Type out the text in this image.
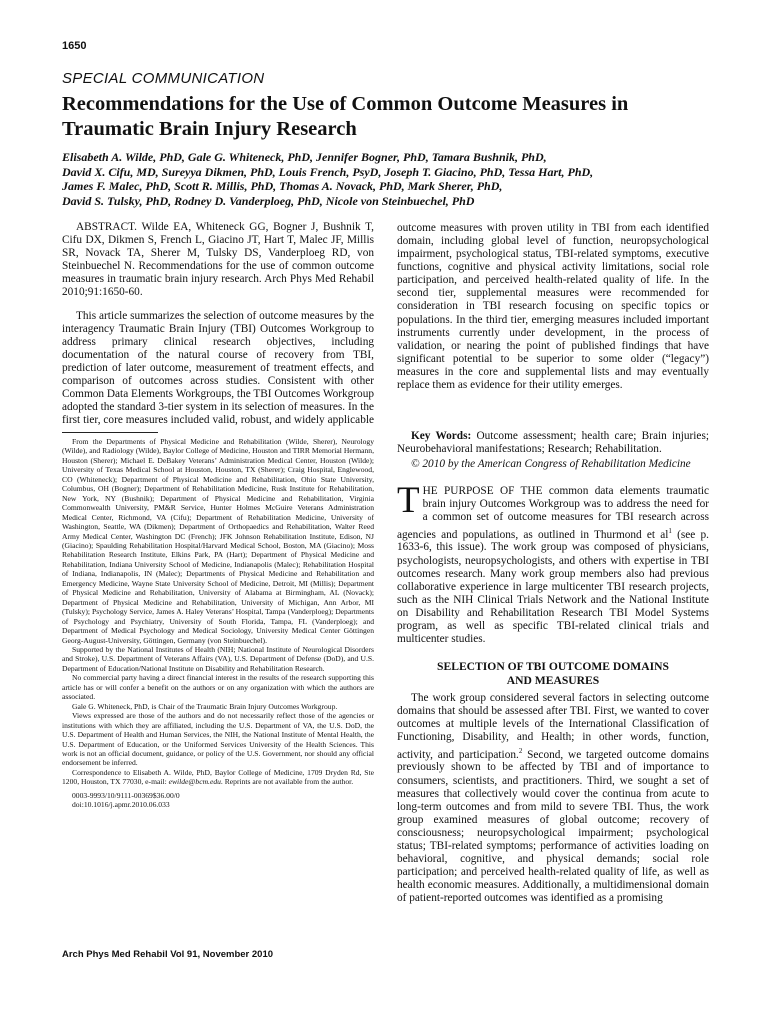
1650
SPECIAL COMMUNICATION
Recommendations for the Use of Common Outcome Measures in Traumatic Brain Injury Research
Elisabeth A. Wilde, PhD, Gale G. Whiteneck, PhD, Jennifer Bogner, PhD, Tamara Bushnik, PhD,
David X. Cifu, MD, Sureyya Dikmen, PhD, Louis French, PsyD, Joseph T. Giacino, PhD, Tessa Hart, PhD,
James F. Malec, PhD, Scott R. Millis, PhD, Thomas A. Novack, PhD, Mark Sherer, PhD,
David S. Tulsky, PhD, Rodney D. Vanderploeg, PhD, Nicole von Steinbuechel, PhD

ABSTRACT. Wilde EA, Whiteneck GG, Bogner J, Bushnik T, Cifu DX, Dikmen S, French L, Giacino JT, Hart T, Malec JF, Millis SR, Novack TA, Sherer M, Tulsky DS, Vanderploeg RD, von Steinbuechel N. Recommendations for the use of common outcome measures in traumatic brain injury research. Arch Phys Med Rehabil 2010;91:1650-60.

This article summarizes the selection of outcome measures by the interagency Traumatic Brain Injury (TBI) Outcomes Workgroup to address primary clinical research objectives, including documentation of the natural course of recovery from TBI, prediction of later outcome, measurement of treatment effects, and comparison of outcomes across studies. Consistent with other Common Data Elements Workgroups, the TBI Outcomes Workgroup adopted the standard 3-tier system in its selection of measures. In the first tier, core measures included valid, robust, and widely applicable

From the Departments of Physical Medicine and Rehabilitation (Wilde, Sherer), Neurology (Wilde), and Radiology (Wilde), Baylor College of Medicine, Houston and TIRR Memorial Hermann, Houston (Sherer); Michael E. DeBakey Veterans’ Administration Medical Center, Houston (Wilde); University of Texas Medical School at Houston, Houston, TX (Sherer); Craig Hospital, Englewood, CO (Whiteneck); Department of Physical Medicine and Rehabilitation, Ohio State University, Columbus, OH (Bogner); Department of Rehabilitation Medicine, Rusk Institute for Rehabilitation, New York, NY (Bushnik); Department of Physical Medicine and Rehabilitation, Virginia Commonwealth University, PM&R Service, Hunter Holmes McGuire Veterans Administration Medical Center, Richmond, VA (Cifu); Department of Rehabilitation Medicine, University of Washington, Seattle, WA (Dikmen); Department of Orthopaedics and Rehabilitation, Walter Reed Army Medical Center, Washington DC (French); JFK Johnson Rehabilitation Institute, Edison, NJ (Giacino); Spaulding Rehabilitation Hospital/Harvard Medical School, Boston, MA (Giacino); Moss Rehabilitation Research Institute, Elkins Park, PA (Hart); Department of Physical Medicine and Rehabilitation, Indiana University School of Medicine, Indianapolis (Malec); Rehabilitation Hospital of Indiana, Indianapolis, IN (Malec); Departments of Physical Medicine and Rehabilitation and Emergency Medicine, Wayne State University School of Medicine, Detroit, MI (Millis); Department of Physical Medicine and Rehabilitation, University of Alabama at Birmingham, AL (Novack); Department of Physical Medicine and Rehabilitation, University of Michigan, Ann Arbor, MI (Tulsky); Psychology Service, James A. Haley Veterans’ Hospital, Tampa (Vanderploeg); Departments of Psychology and Psychiatry, University of South Florida, Tampa, FL (Vanderploeg); and Department of Medical Psychology and Medical Sociology, University Medical Center Göttingen Georg-August-University, Göttingen, Germany (von Steinbuechel).

Supported by the National Institutes of Health (NIH; National Institute of Neurological Disorders and Stroke), U.S. Department of Veterans Affairs (VA), U.S. Department of Defense (DoD), and U.S. Department of Education/National Institute on Disability and Rehabilitation Research.

No commercial party having a direct financial interest in the results of the research supporting this article has or will confer a benefit on the authors or on any organization with which the authors are associated.

Gale G. Whiteneck, PhD, is Chair of the Traumatic Brain Injury Outcomes Workgroup.

Views expressed are those of the authors and do not necessarily reflect those of the agencies or institutions with which they are affiliated, including the U.S. Department of VA, the U.S. DoD, the U.S. Department of Health and Human Services, the NIH, the National Institute of Mental Health, the U.S. Department of Education, or the Uniformed Services University of the Health Sciences. This work is not an official document, guidance, or policy of the U.S. Government, nor should any official endorsement be inferred.

Correspondence to Elisabeth A. Wilde, PhD, Baylor College of Medicine, 1709 Dryden Rd, Ste 1200, Houston, TX 77030, e-mail: ewilde@bcm.edu. Reprints are not available from the author.

0003-9993/10/9111-00369$36.00/0

doi:10.1016/j.apmr.2010.06.033

outcome measures with proven utility in TBI from each identified domain, including global level of function, neuropsychological impairment, psychological status, TBI-related symptoms, executive functions, cognitive and physical activity limitations, social role participation, and perceived health-related quality of life. In the second tier, supplemental measures were recommended for consideration in TBI research focusing on specific topics or populations. In the third tier, emerging measures included important instruments currently under development, in the process of validation, or nearing the point of published findings that have significant potential to be superior to some older (“legacy”) measures in the core and supplemental lists and may eventually replace them as evidence for their utility emerges.

Key Words: Outcome assessment; health care; Brain injuries; Neurobehavioral manifestations; Research; Rehabilitation.

© 2010 by the American Congress of Rehabilitation Medicine

THE PURPOSE OF THE common data elements traumatic brain injury Outcomes Workgroup was to address the need for a common set of outcome measures for TBI research across agencies and populations, as outlined in Thurmond et $al^1$ (see p. 1633-6, this issue). The work group was composed of physicians, psychologists, neuropsychologists, and others with expertise in TBI outcomes research. Many work group members also had previous collaborative experience in large multicenter TBI research projects, such as the NIH Clinical Trials Network and the National Institute on Disability and Rehabilitation Research TBI Model Systems program, as well as specific TBI-related clinical trials and multicenter studies.

SELECTION OF TBI OUTCOME DOMAINS
AND MEASURES

The work group considered several factors in selecting outcome domains that should be assessed after TBI. First, we wanted to cover outcomes at multiple levels of the International Classification of Functioning, Disability, and Health; in other words, function, activity, and participation.$^2$ Second, we targeted outcome domains previously shown to be affected by TBI and of importance to consumers, scientists, and practitioners. Third, we sought a set of measures that collectively would cover the continua from acute to long-term outcomes and from mild to severe TBI. Thus, the work group examined measures of global outcome; recovery of consciousness; neuropsychological impairment; psychological status; TBI-related symptoms; performance of activities loading on behavioral, cognitive, and physical demands; social role participation; and perceived health-related quality of life, as well as health economic measures. Additionally, a multidimensional domain of patient-reported outcomes was identified as a promising

Arch Phys Med Rehabil Vol 91, November 2010
